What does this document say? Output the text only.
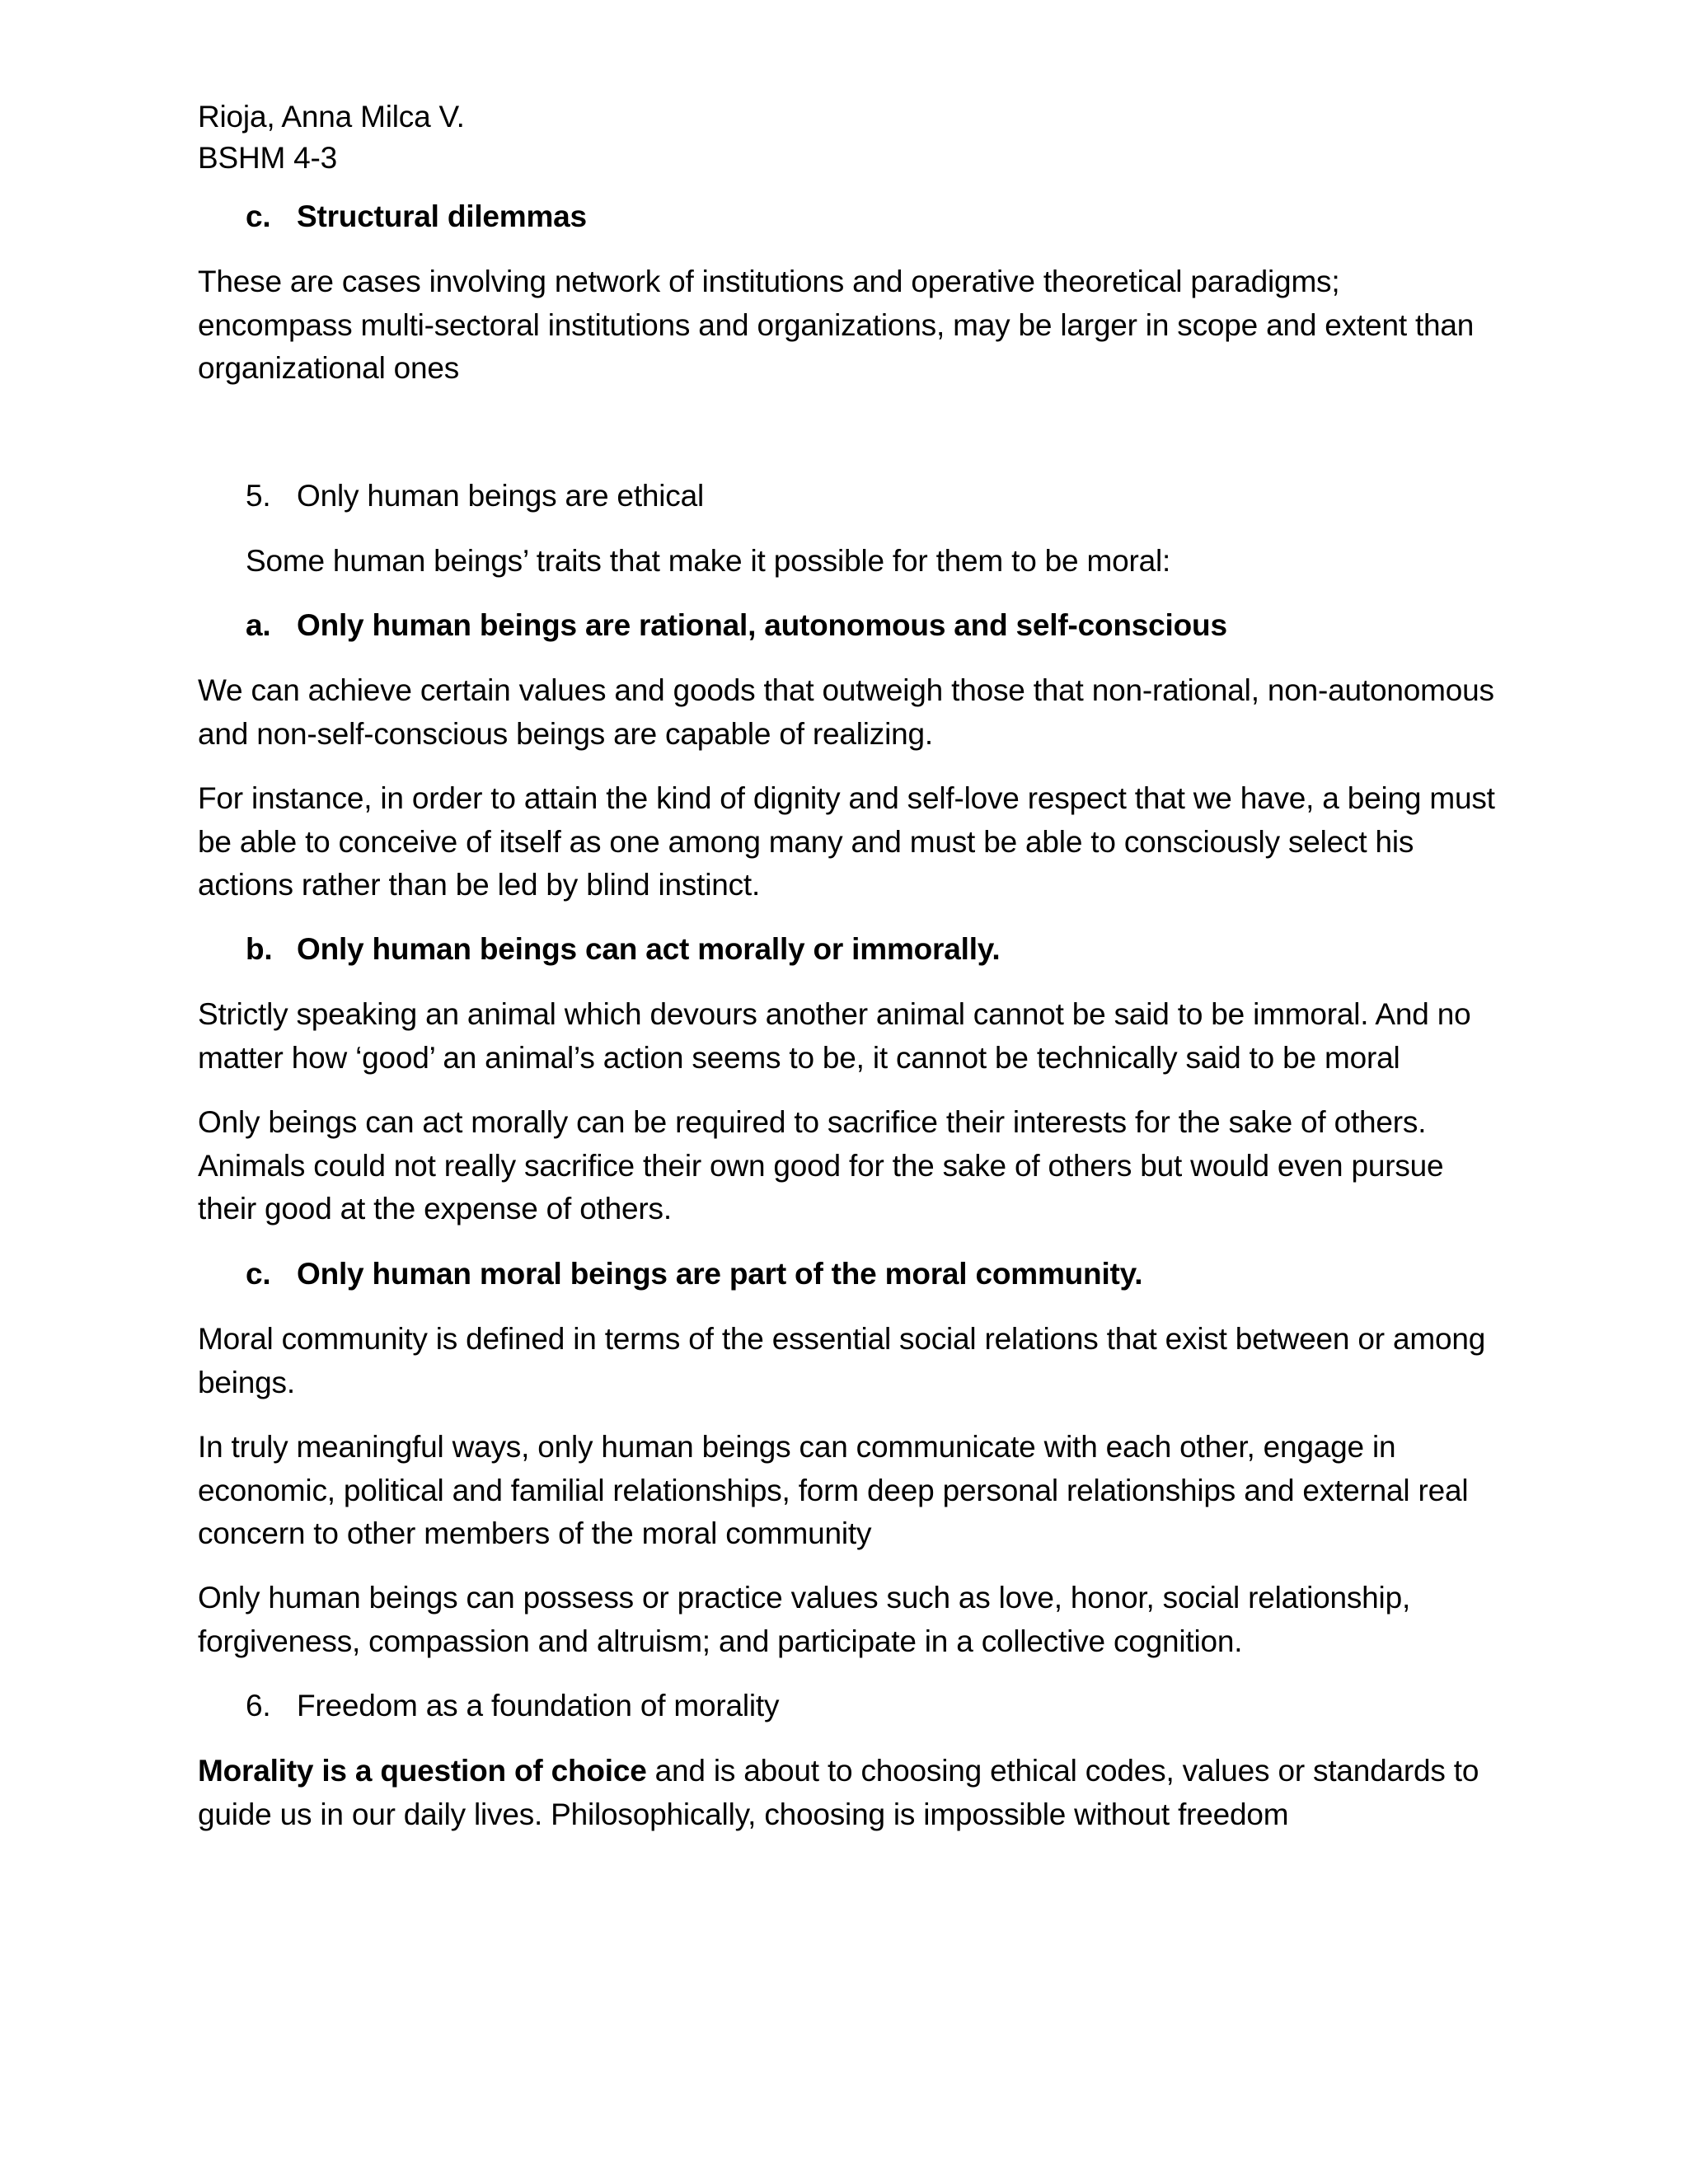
Rioja, Anna Milca V.
BSHM 4-3
c. Structural dilemmas
These are cases involving network of institutions and operative theoretical paradigms; encompass multi-sectoral institutions and organizations, may be larger in scope and extent than organizational ones
5. Only human beings are ethical
Some human beings’ traits that make it possible for them to be moral:
a. Only human beings are rational, autonomous and self-conscious
We can achieve certain values and goods that outweigh those that non-rational, non-autonomous and non-self-conscious beings are capable of realizing.
For instance, in order to attain the kind of dignity and self-love respect that we have, a being must be able to conceive of itself as one among many and must be able to consciously select his actions rather than be led by blind instinct.
b. Only human beings can act morally or immorally.
Strictly speaking an animal which devours another animal cannot be said to be immoral. And no matter how ‘good’ an animal’s action seems to be, it cannot be technically said to be moral
Only beings can act morally can be required to sacrifice their interests for the sake of others. Animals could not really sacrifice their own good for the sake of others but would even pursue their good at the expense of others.
c. Only human moral beings are part of the moral community.
Moral community is defined in terms of the essential social relations that exist between or among beings.
In truly meaningful ways, only human beings can communicate with each other, engage in economic, political and familial relationships, form deep personal relationships and external real concern to other members of the moral community
Only human beings can possess or practice values such as love, honor, social relationship, forgiveness, compassion and altruism; and participate in a collective cognition.
6. Freedom as a foundation of morality
Morality is a question of choice and is about to choosing ethical codes, values or standards to guide us in our daily lives. Philosophically, choosing is impossible without freedom
